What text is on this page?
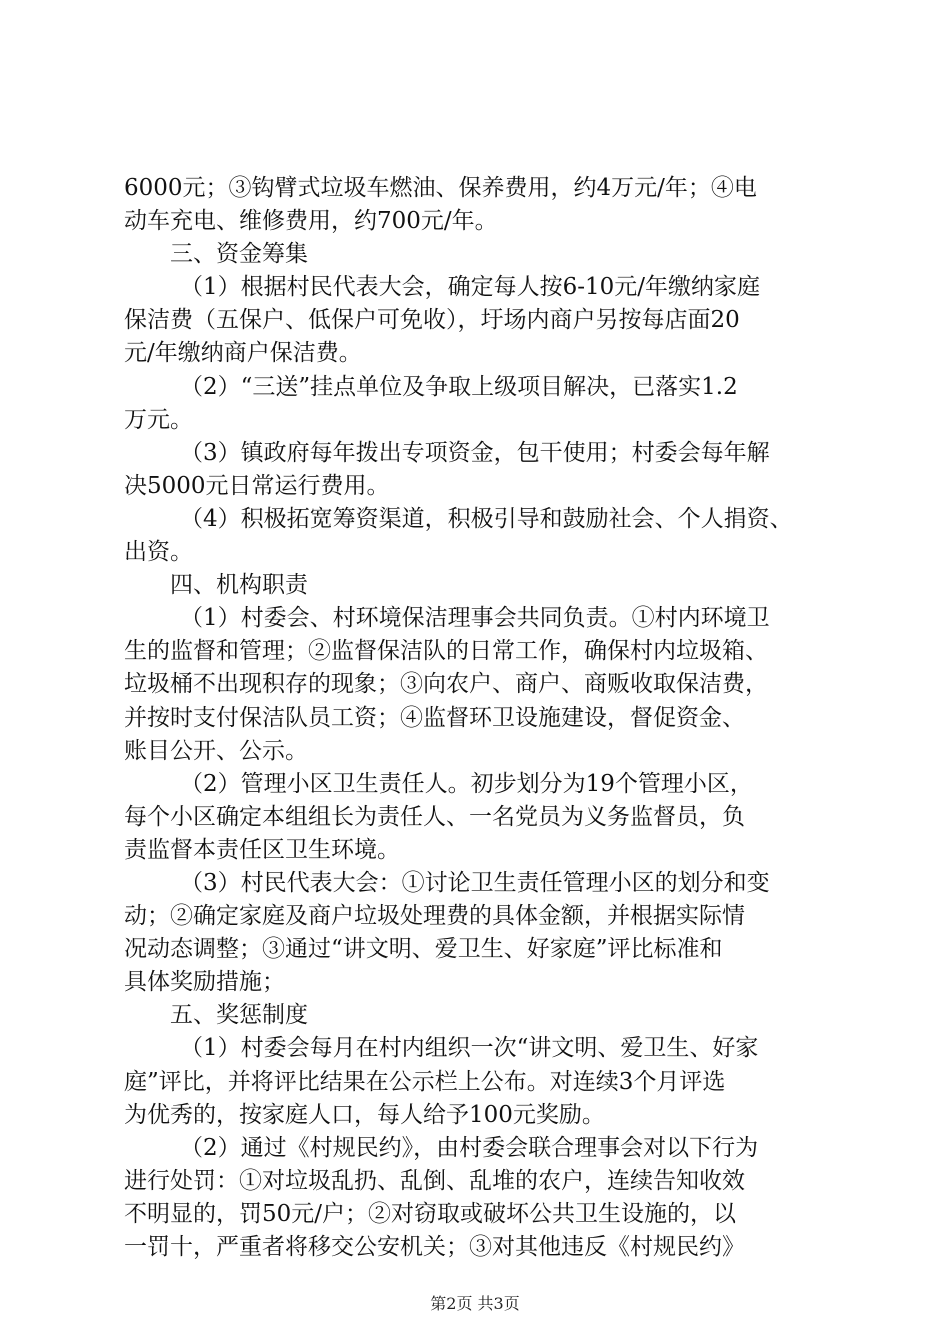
6000元；③钩臂式垃圾车燃油、保养费用，约4万元/年；④电
动车充电、维修费用，约700元/年。
三、资金筹集
（1）根据村民代表大会，确定每人按6-10元/年缴纳家庭
保洁费（五保户、低保户可免收），圩场内商户另按每店面20
元/年缴纳商户保洁费。
（2）“三送”挂点单位及争取上级项目解决，已落实1.2
万元。
（3）镇政府每年拨出专项资金，包干使用；村委会每年解
决5000元日常运行费用。
（4）积极拓宽筹资渠道，积极引导和鼓励社会、个人捐资、
出资。
四、机构职责
（1）村委会、村环境保洁理事会共同负责。①村内环境卫
生的监督和管理；②监督保洁队的日常工作，确保村内垃圾箱、
垃圾桶不出现积存的现象；③向农户、商户、商贩收取保洁费，
并按时支付保洁队员工资；④监督环卫设施建设，督促资金、
账目公开、公示。
（2）管理小区卫生责任人。初步划分为19个管理小区，
每个小区确定本组组长为责任人、一名党员为义务监督员，负
责监督本责任区卫生环境。
（3）村民代表大会：①讨论卫生责任管理小区的划分和变
动；②确定家庭及商户垃圾处理费的具体金额，并根据实际情
况动态调整；③通过“讲文明、爱卫生、好家庭”评比标准和
具体奖励措施；
五、奖惩制度
（1）村委会每月在村内组织一次“讲文明、爱卫生、好家
庭”评比，并将评比结果在公示栏上公布。对连续3个月评选
为优秀的，按家庭人口，每人给予100元奖励。
（2）通过《村规民约》，由村委会联合理事会对以下行为
进行处罚：①对垃圾乱扔、乱倒、乱堆的农户，连续告知收效
不明显的，罚50元/户；②对窃取或破坏公共卫生设施的，以
一罚十，严重者将移交公安机关；③对其他违反《村规民约》
第2页 共3页
